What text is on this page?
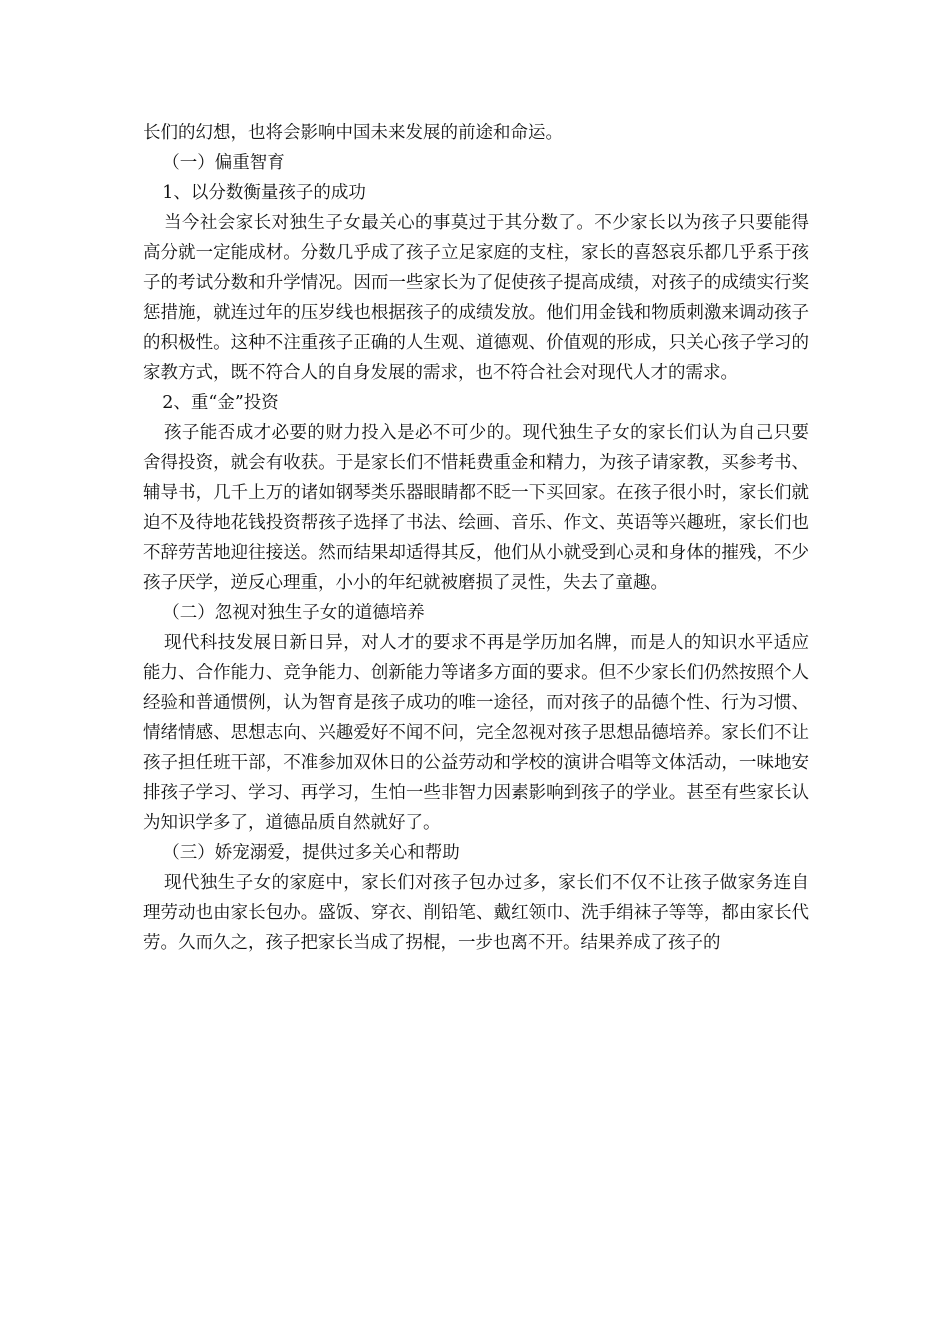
长们的幻想，也将会影响中国未来发展的前途和命运。

（一）偏重智育

1、以分数衡量孩子的成功

当今社会家长对独生子女最关心的事莫过于其分数了。不少家长以为孩子只要能得高分就一定能成材。分数几乎成了孩子立足家庭的支柱，家长的喜怒哀乐都几乎系于孩子的考试分数和升学情况。因而一些家长为了促使孩子提高成绩，对孩子的成绩实行奖惩措施，就连过年的压岁线也根据孩子的成绩发放。他们用金钱和物质刺激来调动孩子的积极性。这种不注重孩子正确的人生观、道德观、价值观的形成，只关心孩子学习的家教方式，既不符合人的自身发展的需求，也不符合社会对现代人才的需求。

2、重“金”投资

孩子能否成才必要的财力投入是必不可少的。现代独生子女的家长们认为自己只要舍得投资，就会有收获。于是家长们不惜耗费重金和精力，为孩子请家教，买参考书、辅导书，几千上万的诸如钢琴类乐器眼睛都不眨一下买回家。在孩子很小时，家长们就迫不及待地花钱投资帮孩子选择了书法、绘画、音乐、作文、英语等兴趣班，家长们也不辞劳苦地迎往接送。然而结果却适得其反，他们从小就受到心灵和身体的摧残，不少孩子厌学，逆反心理重，小小的年纪就被磨损了灵性，失去了童趣。

（二）忽视对独生子女的道德培养

现代科技发展日新日异，对人才的要求不再是学历加名牌，而是人的知识水平适应能力、合作能力、竞争能力、创新能力等诸多方面的要求。但不少家长们仍然按照个人经验和普通惯例，认为智育是孩子成功的唯一途径，而对孩子的品德个性、行为习惯、情绪情感、思想志向、兴趣爱好不闻不问，完全忽视对孩子思想品德培养。家长们不让孩子担任班干部，不准参加双休日的公益劳动和学校的演讲合唱等文体活动，一味地安排孩子学习、学习、再学习，生怕一些非智力因素影响到孩子的学业。甚至有些家长认为知识学多了，道德品质自然就好了。

（三）娇宠溺爱，提供过多关心和帮助

现代独生子女的家庭中，家长们对孩子包办过多，家长们不仅不让孩子做家务连自理劳动也由家长包办。盛饭、穿衣、削铅笔、戴红领巾、洗手绢袜子等等，都由家长代劳。久而久之，孩子把家长当成了拐棍，一步也离不开。结果养成了孩子的
